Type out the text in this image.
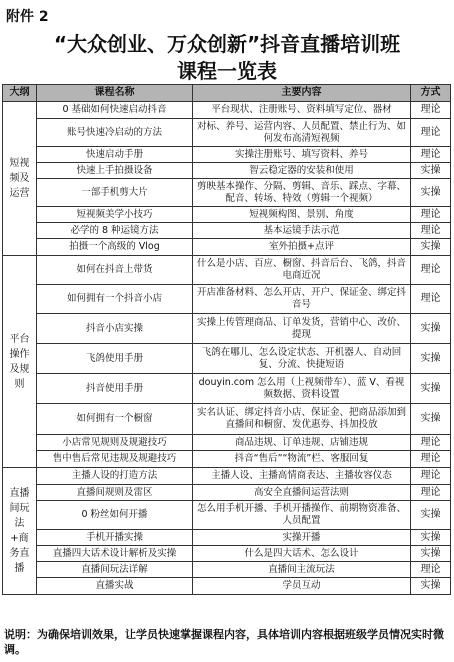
附件 2
“大众创业、万众创新”抖音直播培训班
课程一览表
大纲	课程名称	主要内容	方式
短视频及运营	0 基础如何快速启动抖音	平台现状、注册账号、资料填写定位、器材	理论
	账号快速冷启动的方法	对标、养号、运营内容、人员配置、禁止行为、如何发布高清短视频	理论
	快速启动手册	实操注册账号、填写资料、养号	理论
	快速上手拍摄设备	智云稳定器的安装和使用	实操
	一部手机剪大片	剪映基本操作、分隔、剪辑、音乐、踩点、字幕、配音、转场、特效（剪辑一个视频）	实操
	短视频美学小技巧	短视频构图、景别、角度	理论
	必学的 8 种运镜方法	基本运镜手法示范	理论
	拍摄一个高级的 Vlog	室外拍摄+点评	实操
平台操作及规则	如何在抖音上带货	什么是小店、百应、橱窗、抖音后台、飞鸽，抖音电商近况	理论
	如何拥有一个抖音小店	开店准备材料、怎么开店、开户、保证金、绑定抖音号	理论
	抖音小店实操	实操上传管理商品、订单发货，营销中心、改价、提现	实操
	飞鸽使用手册	飞鸽在哪儿、怎么设定状态、开机器人、自动回复、分流、快捷短语	实操
	抖音使用手册	douyin.com 怎么用（上视频带车）、蓝 V、看视频数据、资料设置	实操
	如何拥有一个橱窗	实名认证、绑定抖音小店、保证金、把商品添加到直播间和橱窗、发优惠券、抖加投放	实操
	小店常见规则及规避技巧	商品违规、订单违规、店铺违规	理论
	售中售后常见违规及规避技巧	抖音“售后”“物流”栏、客服回复	理论
直播间玩法+商务直播	主播人设的打造方法	主播人设、主播高情商表达、主播妆容仪态	理论
	直播间规则及雷区	高安全直播间运营法则	理论
	0 粉丝如何开播	怎么用手机开播、手机开播操作、前期物资准备、人员配置	实操
	手机开播实操	实操开播	实操
	直播四大话术设计解析及实操	什么是四大话术、怎么设计	实操
	直播间玩法详解	直播间主流玩法	理论
	直播实战	学员互动	实操
说明：为确保培训效果，让学员快速掌握课程内容，具体培训内容根据班级学员情况实时微调。
